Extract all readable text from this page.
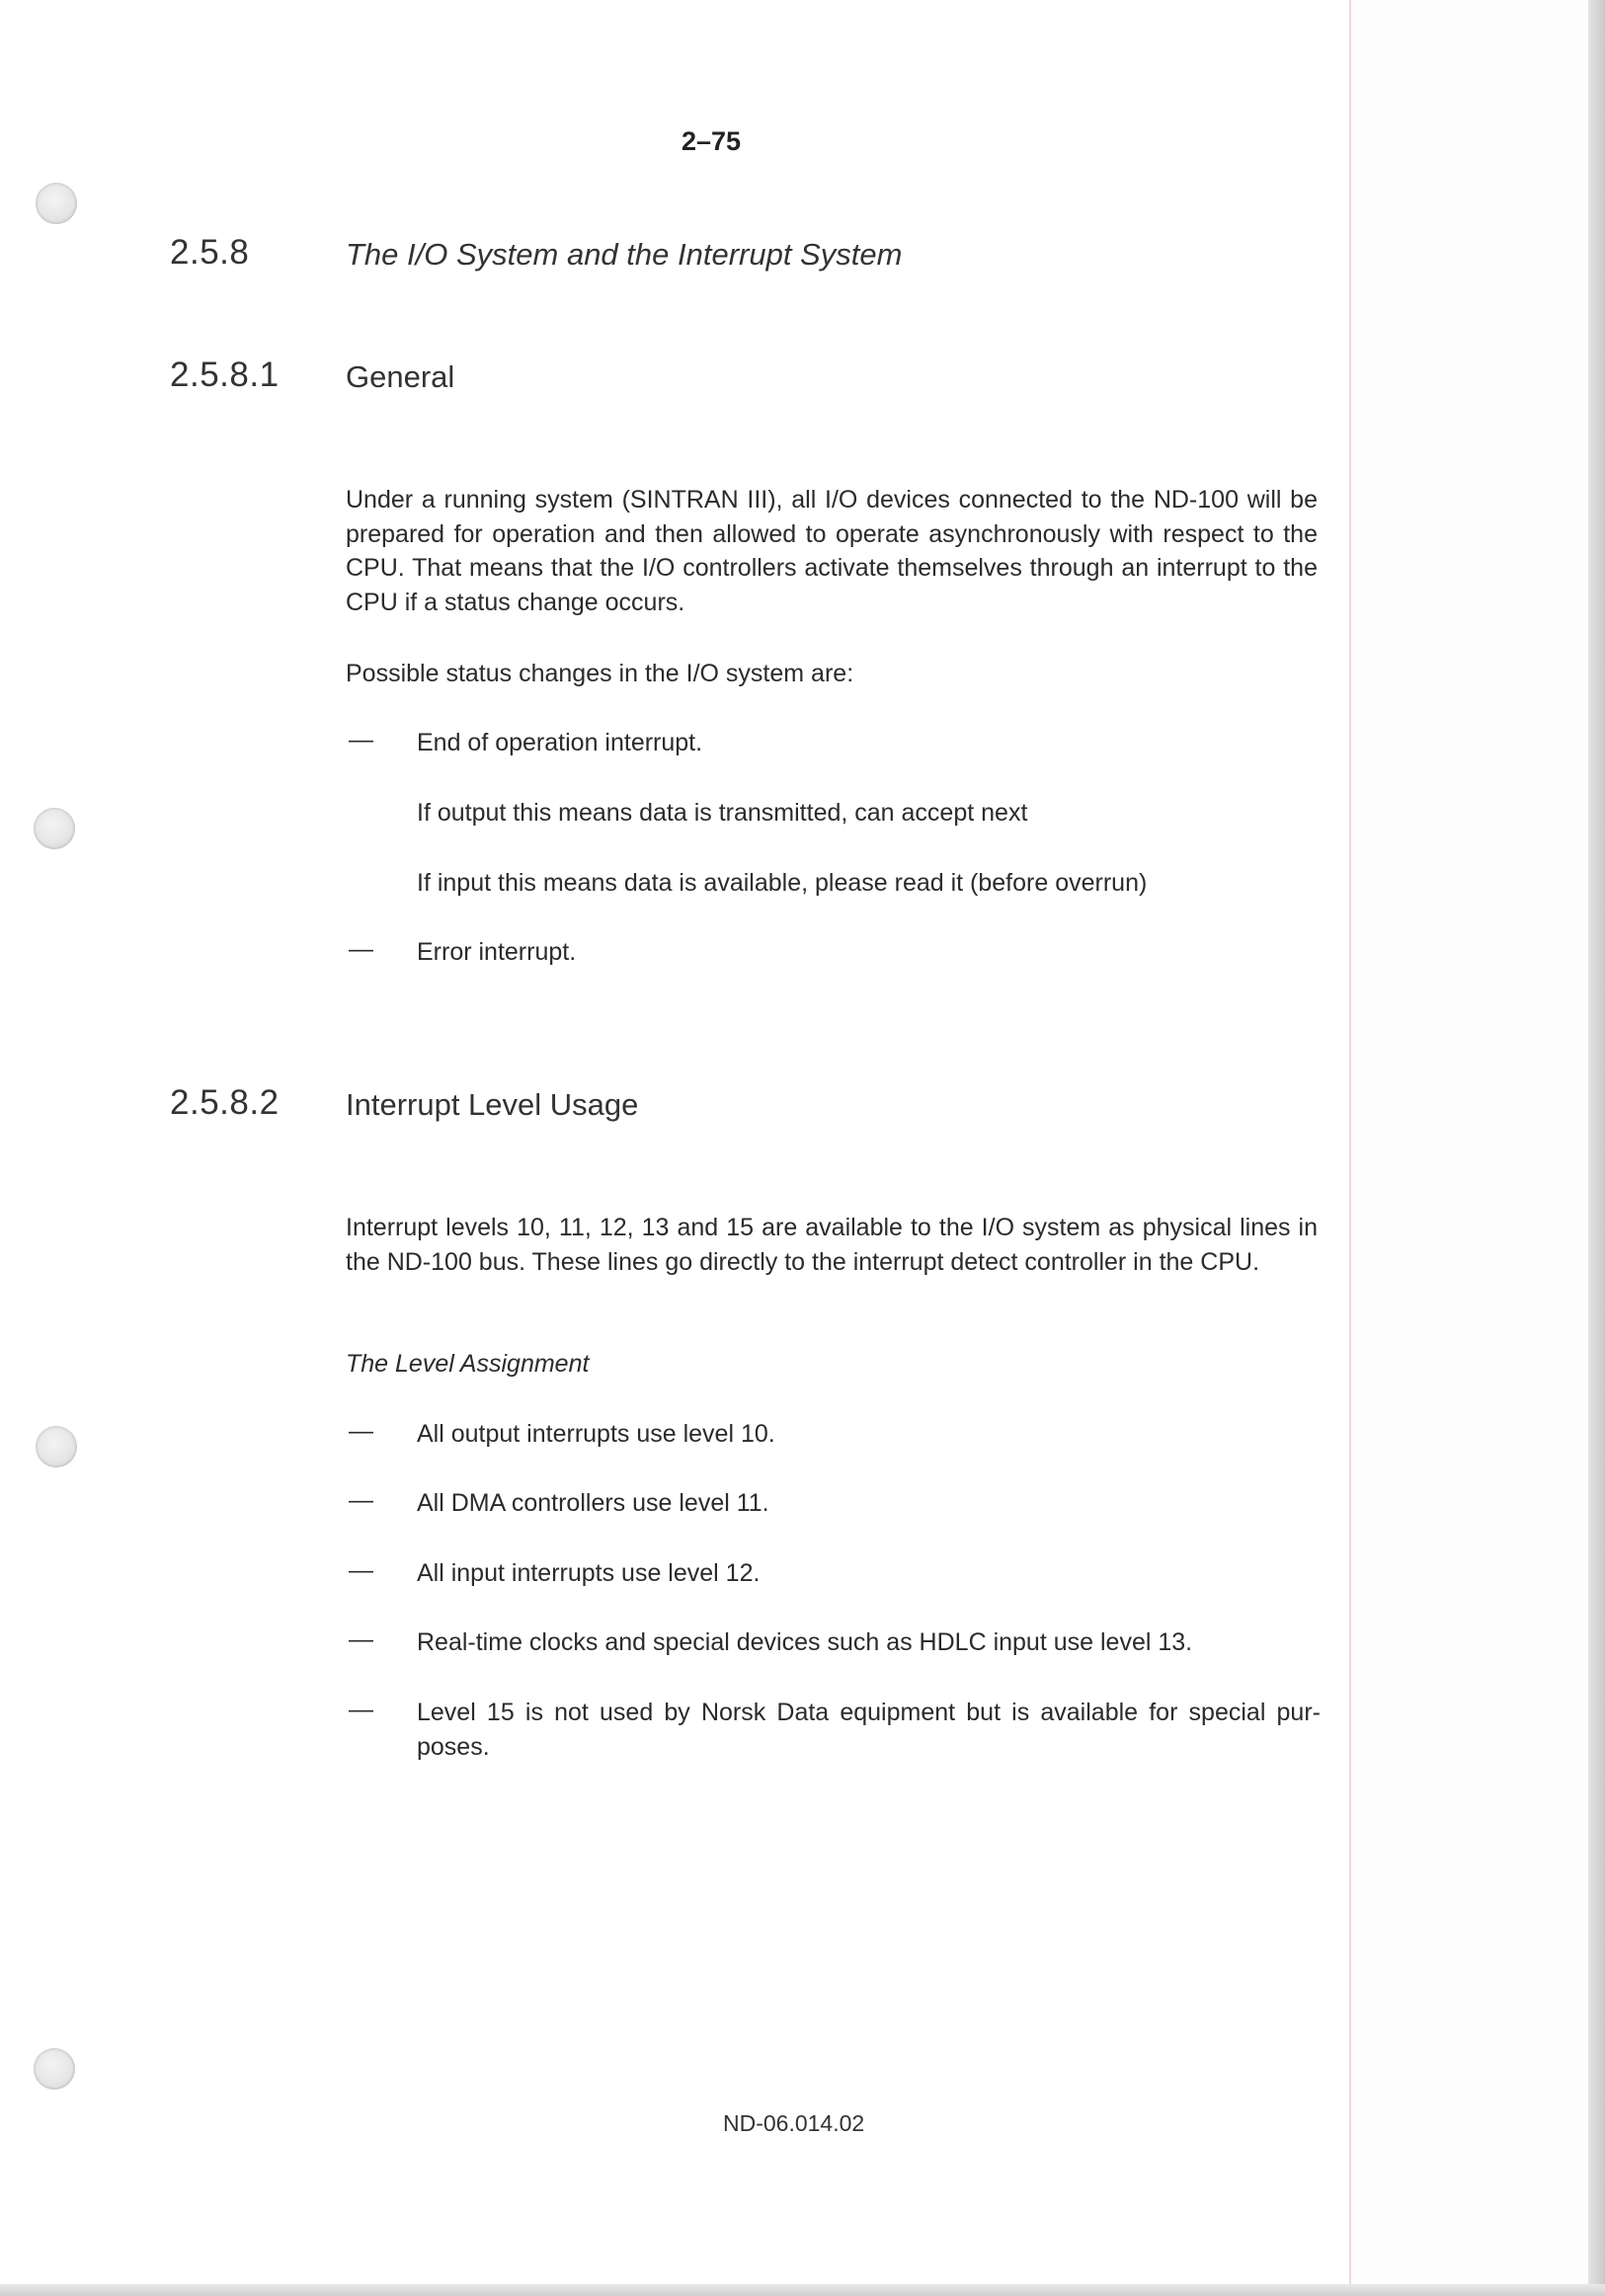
2–75
2.5.8	The I/O System and the Interrupt System
2.5.8.1 General

Under a running system (SINTRAN III), all I/O devices connected to the ND-100 will be prepared for operation and then allowed to operate asynchronously with respect to the CPU. That means that the I/O controllers activate themselves through an interrupt to the CPU if a status change occurs.

Possible status changes in the I/O system are:
— End of operation interrupt.
If output this means data is transmitted, can accept next
If input this means data is available, please read it (before overrun)
— Error interrupt.
2.5.8.2 Interrupt Level Usage

Interrupt levels 10, 11, 12, 13 and 15 are available to the I/O system as physical lines in the ND-100 bus. These lines go directly to the interrupt detect controller in the CPU.

The Level Assignment
— All output interrupts use level 10.
— All DMA controllers use level 11.
— All input interrupts use level 12.
— Real-time clocks and special devices such as HDLC input use level 13.
— Level 15 is not used by Norsk Data equipment but is available for special pur-poses.

ND-06.014.02
